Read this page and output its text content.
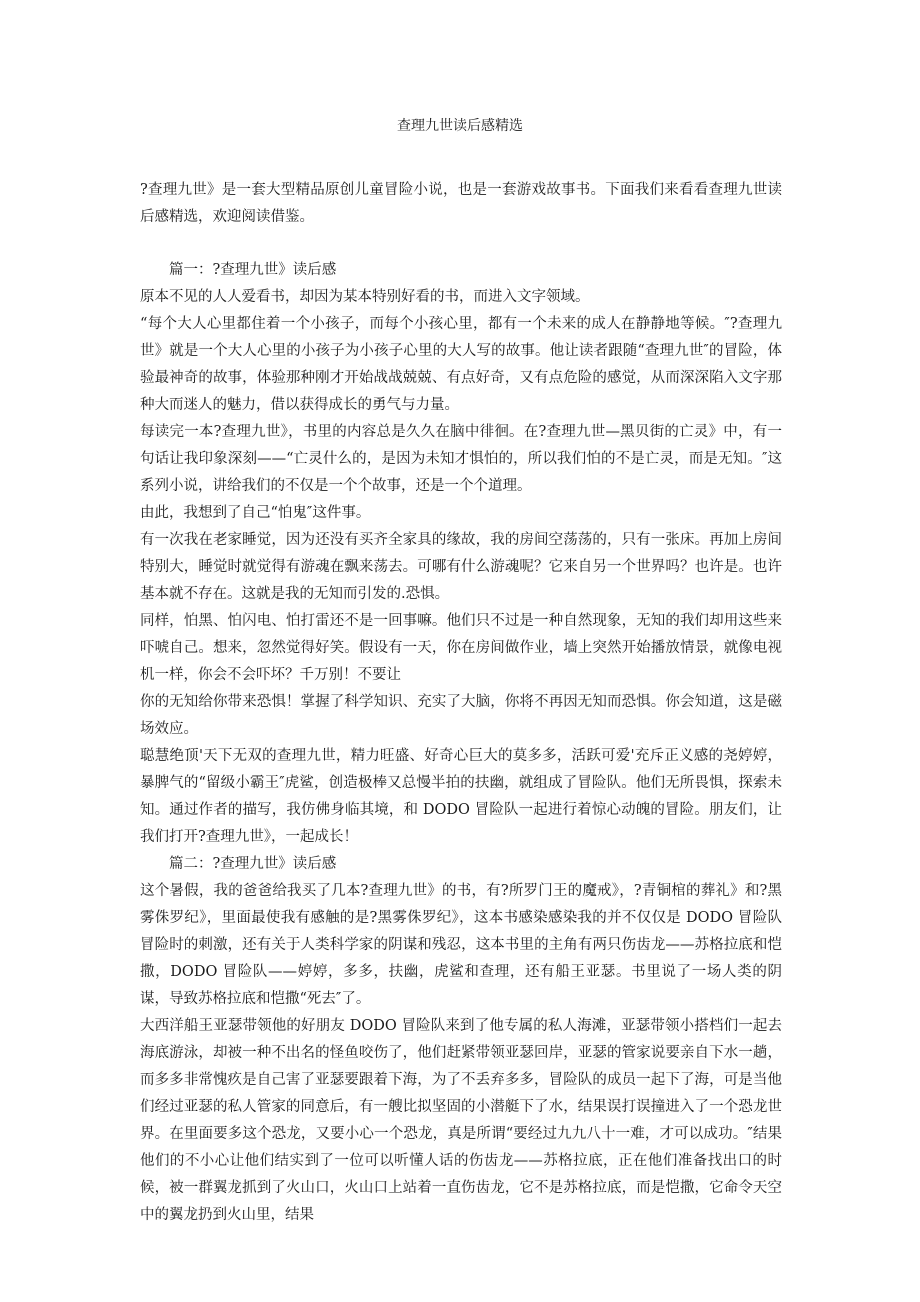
查理九世读后感精选

?查理九世》是一套大型精品原创儿童冒险小说，也是一套游戏故事书。下面我们来看看查理九世读后感精选，欢迎阅读借鉴。

篇一：?查理九世》读后感

原本不见的人人爱看书，却因为某本特别好看的书，而进入文字领域。

“每个大人心里都住着一个小孩子，而每个小孩心里，都有一个未来的成人在静静地等候。″?查理九世》就是一个大人心里的小孩子为小孩子心里的大人写的故事。他让读者跟随“查理九世″的冒险，体验最神奇的故事，体验那种刚才开始战战兢兢、有点好奇，又有点危险的感觉，从而深深陷入文字那种大而迷人的魅力，借以获得成长的勇气与力量。

每读完一本?查理九世》，书里的内容总是久久在脑中徘徊。在?查理九世—黑贝街的亡灵》中，有一句话让我印象深刻——“亡灵什么的，是因为未知才惧怕的，所以我们怕的不是亡灵，而是无知。″这系列小说，讲给我们的不仅是一个个故事，还是一个个道理。

由此，我想到了自己“怕鬼″这件事。

有一次我在老家睡觉，因为还没有买齐全家具的缘故，我的房间空荡荡的，只有一张床。再加上房间特别大，睡觉时就觉得有游魂在飘来荡去。可哪有什么游魂呢？它来自另一个世界吗？也许是。也许基本就不存在。这就是我的无知而引发的.恐惧。

同样，怕黑、怕闪电、怕打雷还不是一回事嘛。他们只不过是一种自然现象，无知的我们却用这些来吓唬自己。想来，忽然觉得好笑。假设有一天，你在房间做作业，墙上突然开始播放情景，就像电视机一样，你会不会吓坏？千万别！不要让

你的无知给你带来恐惧！掌握了科学知识、充实了大脑，你将不再因无知而恐惧。你会知道，这是磁场效应。

聪慧绝顶'天下无双的查理九世，精力旺盛、好奇心巨大的莫多多，活跃可爱'充斥正义感的尧婷婷，暴脾气的“留级小霸王″虎鲨，创造极棒又总慢半拍的扶幽，就组成了冒险队。他们无所畏惧，探索未知。通过作者的描写，我仿佛身临其境，和 DODO 冒险队一起进行着惊心动魄的冒险。朋友们，让我们打开?查理九世》，一起成长！

篇二：?查理九世》读后感

这个暑假，我的爸爸给我买了几本?查理九世》的书，有?所罗门王的魔戒》，?青铜棺的葬礼》和?黑雾侏罗纪》，里面最使我有感触的是?黑雾侏罗纪》，这本书感染感染我的并不仅仅是 DODO 冒险队冒险时的刺激，还有关于人类科学家的阴谋和残忍，这本书里的主角有两只伤齿龙——苏格拉底和恺撒，DODO 冒险队——婷婷，多多，扶幽，虎鲨和查理，还有船王亚瑟。书里说了一场人类的阴谋，导致苏格拉底和恺撒“死去″了。

大西洋船王亚瑟带领他的好朋友 DODO 冒险队来到了他专属的私人海滩，亚瑟带领小搭档们一起去海底游泳，却被一种不出名的怪鱼咬伤了，他们赶紧带领亚瑟回岸，亚瑟的管家说要亲自下水一趟，而多多非常愧疚是自己害了亚瑟要跟着下海，为了不丢弃多多，冒险队的成员一起下了海，可是当他们经过亚瑟的私人管家的同意后，有一艘比拟坚固的小潜艇下了水，结果误打误撞进入了一个恐龙世界。在里面要多这个恐龙，又要小心一个恐龙，真是所谓“要经过九九八十一难，才可以成功。″结果他们的不小心让他们结实到了一位可以听懂人话的伤齿龙——苏格拉底，正在他们准备找出口的时候，被一群翼龙抓到了火山口，火山口上站着一直伤齿龙，它不是苏格拉底，而是恺撒，它命令天空中的翼龙扔到火山里，结果
